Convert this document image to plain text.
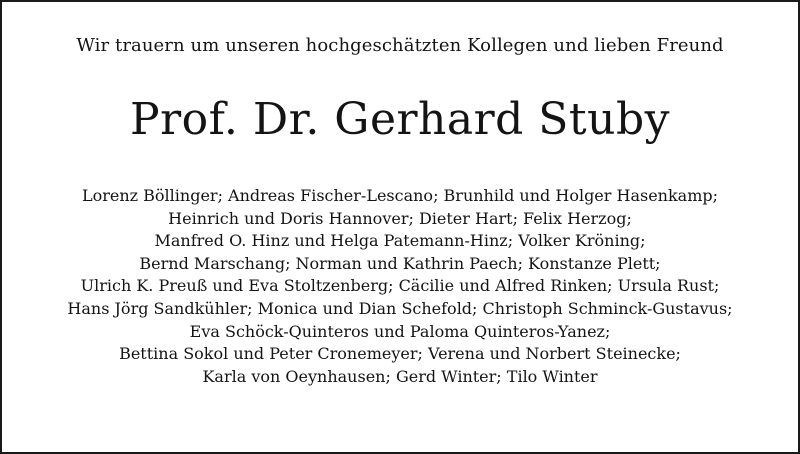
Wir trauern um unseren hochgeschätzten Kollegen und lieben Freund
Prof. Dr. Gerhard Stuby
Lorenz Böllinger; Andreas Fischer-Lescano; Brunhild und Holger Hasenkamp;
Heinrich und Doris Hannover; Dieter Hart; Felix Herzog;
Manfred O. Hinz und Helga Patemann-Hinz; Volker Kröning;
Bernd Marschang; Norman und Kathrin Paech; Konstanze Plett;
Ulrich K. Preuß und Eva Stoltzenberg; Cäcilie und Alfred Rinken; Ursula Rust;
Hans Jörg Sandkühler; Monica und Dian Schefold; Christoph Schminck-Gustavus;
Eva Schöck-Quinteros und Paloma Quinteros-Yanez;
Bettina Sokol und Peter Cronemeyer; Verena und Norbert Steinecke;
Karla von Oeynhausen; Gerd Winter; Tilo Winter
